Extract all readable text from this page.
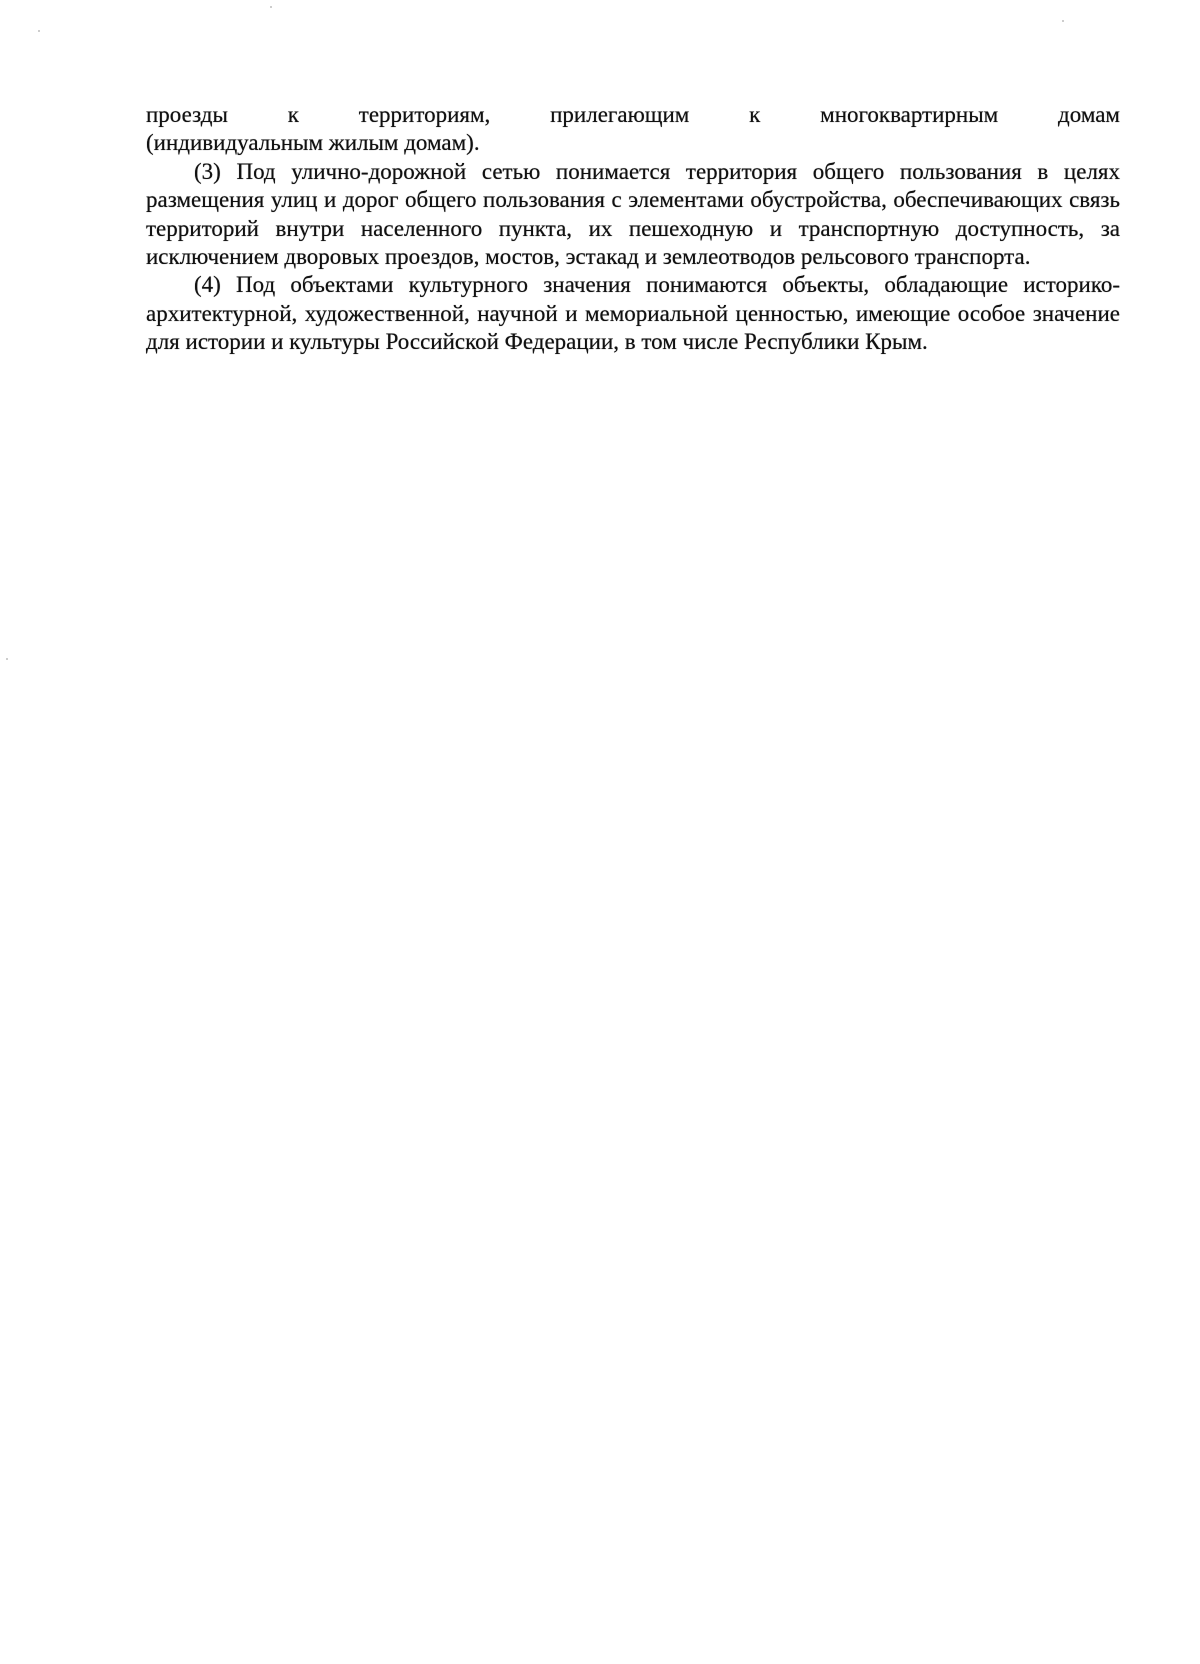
проезды к территориям, прилегающим к многоквартирным домам

(индивидуальным жилым домам).

(3) Под улично-дорожной сетью понимается территория общего пользования в целях размещения улиц и дорог общего пользования с элементами обустройства, обеспечивающих связь территорий внутри населенного пункта, их пешеходную и транспортную доступность, за исключением дворовых проездов, мостов, эстакад и землеотводов рельсового транспорта.

(4) Под объектами культурного значения понимаются объекты, обладающие историко-архитектурной, художественной, научной и мемориальной ценностью, имеющие особое значение для истории и культуры Российской Федерации, в том числе Республики Крым.
